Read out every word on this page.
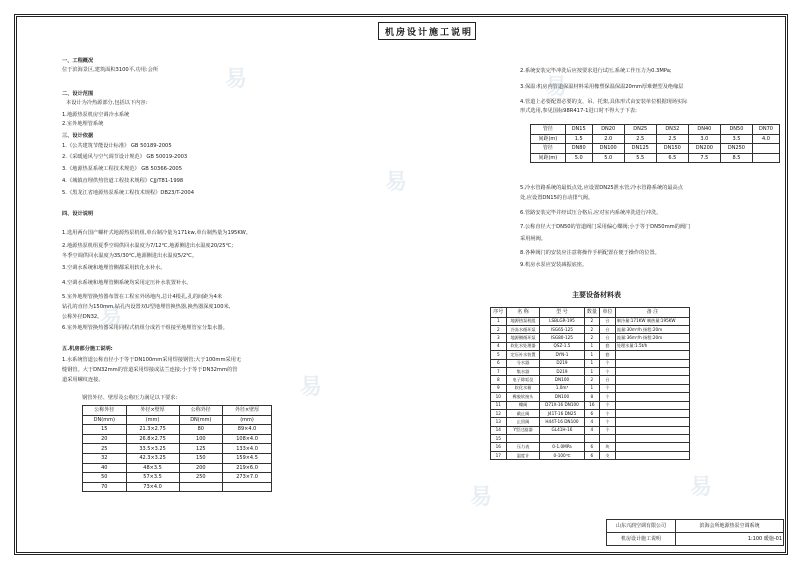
机房设计施工说明
易
易
易
易
易	易
易
一、工程概况
位于滨海景区,建筑面积3100平,功用:会所
二、设计范围
本设计为冷热源部分,包括以下内容:
1.地源热泵机房空调冷水系统
2.室外地埋管系统
三、设计依据
1.《公共建筑节能设计标准》 GB 50189-2005
2.《采暖通风与空气调节设计规范》 GB 50019-2003
3.《地源热泵系统工程技术规范》 GB 50366-2005
4.《城镇直埋供热管道工程技术规程》CJJ/T81-1998
5.《黑龙江省地源热泵系统工程技术规程》DB23/T-2004
四、设计说明
1.选用两台国产螺杆式地源热泵机组,单台制冷量为171kw,单台制热量为195KW。
2.地源热泵机组夏季空调供回水温度为7/12℃,地源侧进出水温度20/25℃;
冬季空调供回水温度为35/30℃,地源侧进出水温度5/2℃。
3.空调水系统和地埋管侧都采用软化水补水。
4.空调水系统和地埋管侧系统均采用定压补水装置补水。
5.室外地埋管换热器布置在工程室外场地内,总计4根孔,孔的间距为4米
钻孔的直径为150mm,钻孔内设置双U型地埋管换热器,换热器深度100米,
公称外径DN32。
6.室外地埋管换热器采用同程式机组分成若干组接至地埋管室分集水器。
五.机房部分施工说明:
1.水系统管道公称直径小于等于DN100mm采用焊接钢管;大于100mm采用无
缝钢管。大于DN32mm的管道采用焊接或法兰连接;小于等于DN32mm的管
道采用螺纹连接。
钢管外径、壁厚及公称压力满足以下要求:
公称外径	外径×壁厚	公称外径	外径×壁厚
DN(mm)	(mm)	DN(mm)	(mm)
15	21.3×2.75	80	89×4.0
20	26.8×2.75	100	108×4.0
25	33.5×3.25	125	133×4.0
32	42.3×3.25	150	159×4.5
40	48×3.5	200	219×6.0
50	57×3.5	250	273×7.0
70	73×4.0		
2.系统安装完毕冲洗后应按要求进行试压,系统工作压力为0.3MPa;
3.保温:机房内管道保温材料采用橡塑保温保温20mm厚难燃型及绝缘层
4.管道上必要配置必要的支、吊、托架,具体形式由安装单位根据现场实际
形式选用,参见国标98R417-1进口时不得大于下表:
管径	DN15	DN20	DN25	DN32	DN40	DN50	DN70
间距(m)	1.5	2.0	2.5	2.5	3.0	3.5	4.0
管径	DN80	DN100	DN125	DN150	DN200	DN250	
间距(m)	5.0	5.0	5.5	6.5	7.5	8.5	
5.冷水管路系统的最低点处,应设置DN25泄水管;冷水管路系统的最高点
处,应设置DN15的自动排气阀。
6.管路安装完毕并经试压合格后,应对室内系统冲洗进行冲洗。
7.公称直径大于DN50的管道阀门采用偏心蝶阀;小于等于DN50mm的阀门
采用闸阀。
8.各种阀门的安装应注意将操作手柄配置在便于操作的位置。
9.机房水泵应安装减振底座。
主要设备材料表
序号	名 称	型 号	数量	单位	备 注
1	地源热泵机组	LSBLGR-195	2	台	制冷量:171KW 制热量:195KW
2	冷冻水循环泵	ISG65-125	2	台	流量:30m³/h 扬程:20m
3	地源侧循环泵	ISG80-125	2	台	流量:36m³/h 扬程:20m
4	软化水处理器	QSZ-1.5	1	套	处理水量:1.5t/h
5	定压补水装置	DYN-1	1	套	
6	分水器	D219	1	个	
7	集水器	D219	1	个	
8	电子除垢仪	DN100	2	台	
9	软化水箱	1.0m³	1	个	
10	橡胶软接头	DN100	8	个	
11	蝶阀	D71X-16 DN100	16	个	
12	截止阀	J41T-16 DN25	6	个	
13	止回阀	H44T-16 DN100	4	个	
14	Y型过滤器	GL41H-16	4	个	
15					
16	压力表	0-1.0MPa	6	块	
17	温度计	0-100℃	6	支	
山东兴润空调有限公司	滨海会所地源热泵空调系统
机房设计施工说明	1:100 暖施-01
